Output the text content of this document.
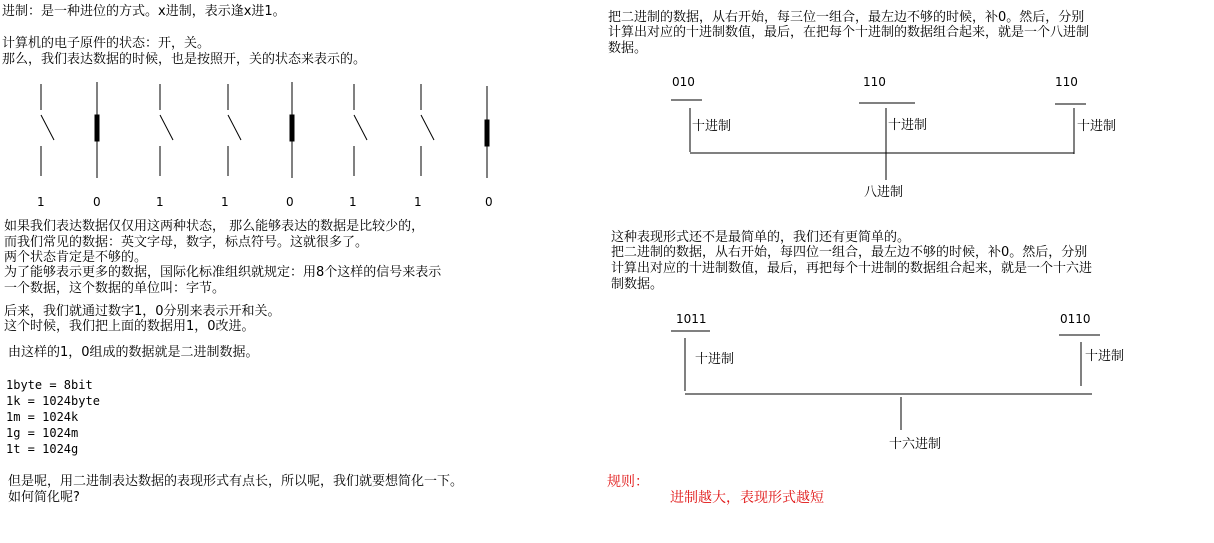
进制：是一种进位的方式。x进制，表示逢x进1。
计算机的电子原件的状态：开，关。
那么，我们表达数据的时候，也是按照开，关的状态来表示的。
1	0	1	1	0	1	1	0
如果我们表达数据仅仅用这两种状态， 那么能够表达的数据是比较少的，
而我们常见的数据：英文字母，数字，标点符号。这就很多了。
两个状态肯定是不够的。
为了能够表示更多的数据，国际化标准组织就规定：用8个这样的信号来表示
一个数据，这个数据的单位叫：字节。
后来，我们就通过数字1，0分别来表示开和关。
这个时候，我们把上面的数据用1，0改进。
由这样的1，0组成的数据就是二进制数据。
1byte = 8bit
1k = 1024byte
1m = 1024k
1g = 1024m
1t = 1024g
但是呢，用二进制表达数据的表现形式有点长，所以呢，我们就要想简化一下。
如何简化呢?
把二进制的数据，从右开始，每三位一组合，最左边不够的时候，补0。然后，分别
计算出对应的十进制数值，最后，在把每个十进制的数据组合起来，就是一个八进制
数据。
010	110	110
十进制	十进制	十进制
八进制
这种表现形式还不是最简单的，我们还有更简单的。
把二进制的数据，从右开始，每四位一组合，最左边不够的时候，补0。然后，分别
计算出对应的十进制数值，最后，再把每个十进制的数据组合起来，就是一个十六进
制数据。
1011	0110
十进制	十进制
十六进制
规则：
进制越大，表现形式越短
